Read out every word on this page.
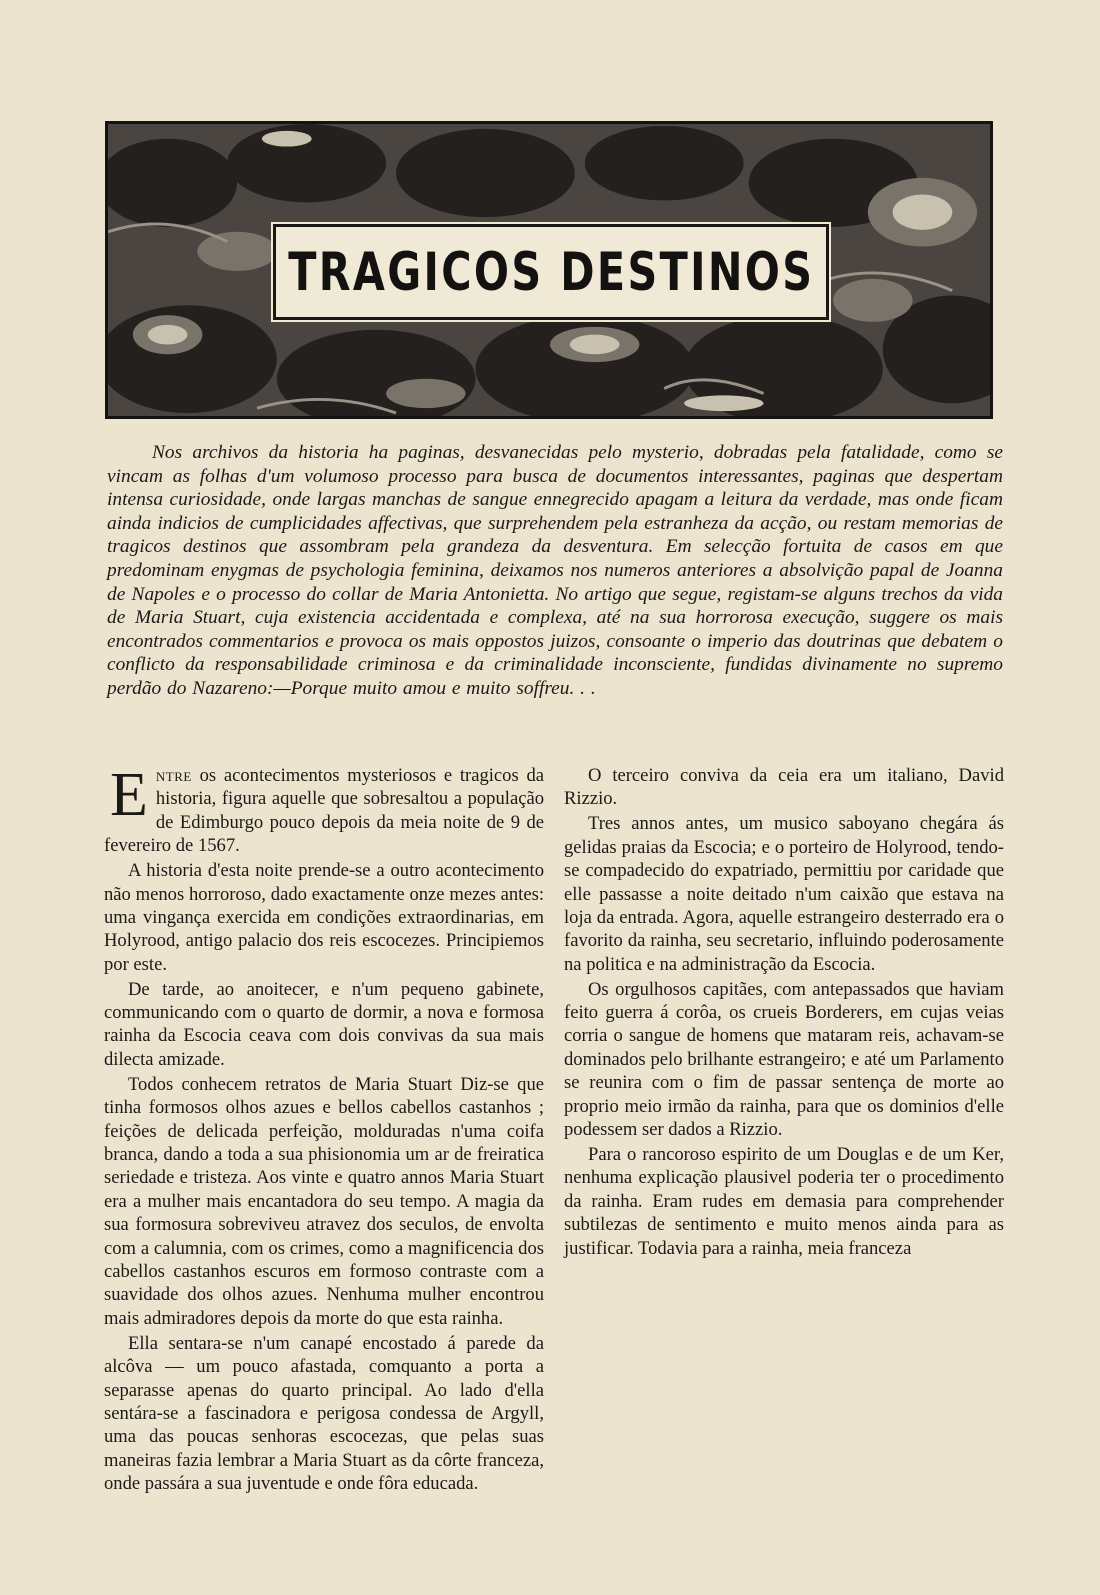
TRAGICOS DESTINOS

Nos archivos da historia ha paginas, desvanecidas pelo mysterio, dobradas pela fatalidade, como se vincam as folhas d'um volumoso processo para busca de documentos interessantes, paginas que despertam intensa curiosidade, onde largas manchas de sangue ennegrecido apagam a leitura da verdade, mas onde ficam ainda indicios de cumplicidades affectivas, que surprehendem pela estranheza da acção, ou restam memorias de tragicos destinos que assombram pela grandeza da desventura. Em selecção fortuita de casos em que predominam enygmas de psychologia feminina, deixamos nos numeros anteriores a absolvição papal de Joanna de Napoles e o processo do collar de Maria Antonietta. No artigo que segue, registam-se alguns trechos da vida de Maria Stuart, cuja existencia accidentada e complexa, até na sua horrorosa execução, suggere os mais encontrados commentarios e provoca os mais oppostos juizos, consoante o imperio das doutrinas que debatem o conflicto da responsabilidade criminosa e da criminalidade inconsciente, fundidas divinamente no supremo perdão do Nazareno:—Porque muito amou e muito soffreu. . .

Entre os acontecimentos mysteriosos e tragicos da historia, figura aquelle que sobresaltou a população de Edimburgo pouco depois da meia noite de 9 de fevereiro de 1567.

A historia d'esta noite prende-se a outro acontecimento não menos horroroso, dado exactamente onze mezes antes: uma vingança exercida em condições extraordinarias, em Holyrood, antigo palacio dos reis escocezes. Principiemos por este.

De tarde, ao anoitecer, e n'um pequeno gabinete, communicando com o quarto de dormir, a nova e formosa rainha da Escocia ceava com dois convivas da sua mais dilecta amizade.

Todos conhecem retratos de Maria Stuart Diz-se que tinha formosos olhos azues e bellos cabellos castanhos ; feições de delicada perfeição, molduradas n'uma coifa branca, dando a toda a sua phisionomia um ar de freiratica seriedade e tristeza. Aos vinte e quatro annos Maria Stuart era a mulher mais encantadora do seu tempo. A magia da sua formosura sobreviveu atravez dos seculos, de envolta com a calumnia, com os crimes, como a magnificencia dos cabellos castanhos escuros em formoso contraste com a suavidade dos olhos azues. Nenhuma mulher encontrou mais admiradores depois da morte do que esta rainha.

Ella sentara-se n'um canapé encostado á parede da alcôva — um pouco afastada, comquanto a porta a separasse apenas do quarto principal. Ao lado d'ella sentára-se a fascinadora e perigosa condessa de Argyll, uma das poucas senhoras escocezas, que pelas suas maneiras fazia lembrar a Maria Stuart as da côrte franceza, onde passára a sua juventude e onde fôra educada.

O terceiro conviva da ceia era um italiano, David Rizzio.

Tres annos antes, um musico saboyano chegára ás gelidas praias da Escocia; e o porteiro de Holyrood, tendo-se compadecido do expatriado, permittiu por caridade que elle passasse a noite deitado n'um caixão que estava na loja da entrada. Agora, aquelle estrangeiro desterrado era o favorito da rainha, seu secretario, influindo poderosamente na politica e na administração da Escocia.

Os orgulhosos capitães, com antepassados que haviam feito guerra á corôa, os crueis Borderers, em cujas veias corria o sangue de homens que mataram reis, achavam-se dominados pelo brilhante estrangeiro; e até um Parlamento se reunira com o fim de passar sentença de morte ao proprio meio irmão da rainha, para que os dominios d'elle podessem ser dados a Rizzio.

Para o rancoroso espirito de um Douglas e de um Ker, nenhuma explicação plausivel poderia ter o procedimento da rainha. Eram rudes em demasia para comprehender subtilezas de sentimento e muito menos ainda para as justificar. Todavia para a rainha, meia franceza
